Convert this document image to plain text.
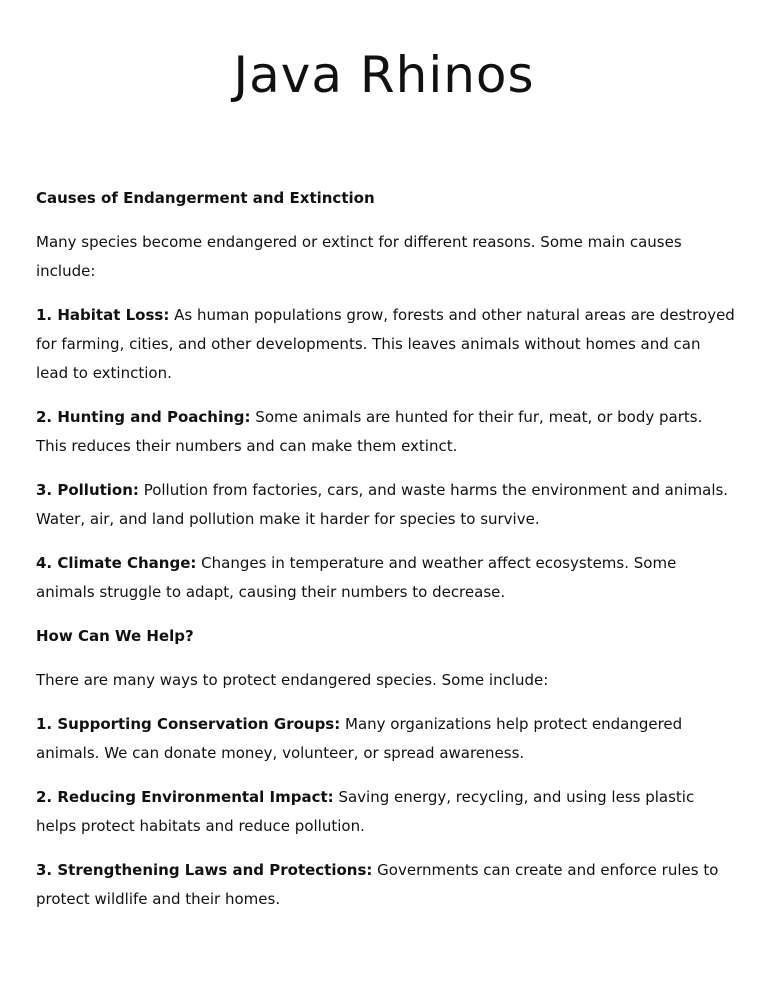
Java Rhinos
Causes of Endangerment and Extinction

Many species become endangered or extinct for different reasons. Some main causes include:

1. Habitat Loss: As human populations grow, forests and other natural areas are destroyed for farming, cities, and other developments. This leaves animals without homes and can lead to extinction.

2. Hunting and Poaching: Some animals are hunted for their fur, meat, or body parts. This reduces their numbers and can make them extinct.

3. Pollution: Pollution from factories, cars, and waste harms the environment and animals. Water, air, and land pollution make it harder for species to survive.

4. Climate Change: Changes in temperature and weather affect ecosystems. Some animals struggle to adapt, causing their numbers to decrease.

How Can We Help?

There are many ways to protect endangered species. Some include:

1. Supporting Conservation Groups: Many organizations help protect endangered animals. We can donate money, volunteer, or spread awareness.

2. Reducing Environmental Impact: Saving energy, recycling, and using less plastic helps protect habitats and reduce pollution.

3. Strengthening Laws and Protections: Governments can create and enforce rules to protect wildlife and their homes.
